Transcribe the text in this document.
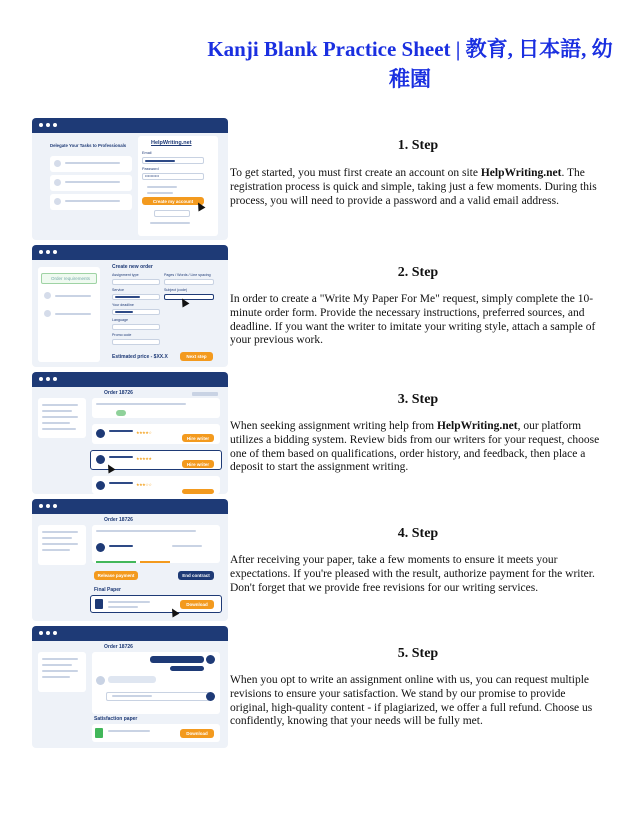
Kanji Blank Practice Sheet | 教育, 日本語, 幼稚園
Delegate Your Tasks to Professionals	HelpWriting.net
Email
Password
••••••••••
Create my account
Order requirements
Create new order
Assignment type	Pages / Words / Line spacing
Service	Subject (code)
Your deadline
Language
Promo code
Estimated price - $XX.X	Next step
Order 18726
★★★★☆
Hire writer
★★★★★
Hire writer
★★★☆☆
Order 18726
Release payment	End contract
Final Paper
Download
Order 18726
Satisfaction paper
Download
1. Step

To get started, you must first create an account on site HelpWriting.net. The registration process is quick and simple, taking just a few moments. During this process, you will need to provide a password and a valid email address.

2. Step

In order to create a "Write My Paper For Me" request, simply complete the 10-minute order form. Provide the necessary instructions, preferred sources, and deadline. If you want the writer to imitate your writing style, attach a sample of your previous work.

3. Step

When seeking assignment writing help from HelpWriting.net, our platform utilizes a bidding system. Review bids from our writers for your request, choose one of them based on qualifications, order history, and feedback, then place a deposit to start the assignment writing.

4. Step

After receiving your paper, take a few moments to ensure it meets your expectations. If you're pleased with the result, authorize payment for the writer. Don't forget that we provide free revisions for our writing services.

5. Step

When you opt to write an assignment online with us, you can request multiple revisions to ensure your satisfaction. We stand by our promise to provide original, high-quality content - if plagiarized, we offer a full refund. Choose us confidently, knowing that your needs will be fully met.
